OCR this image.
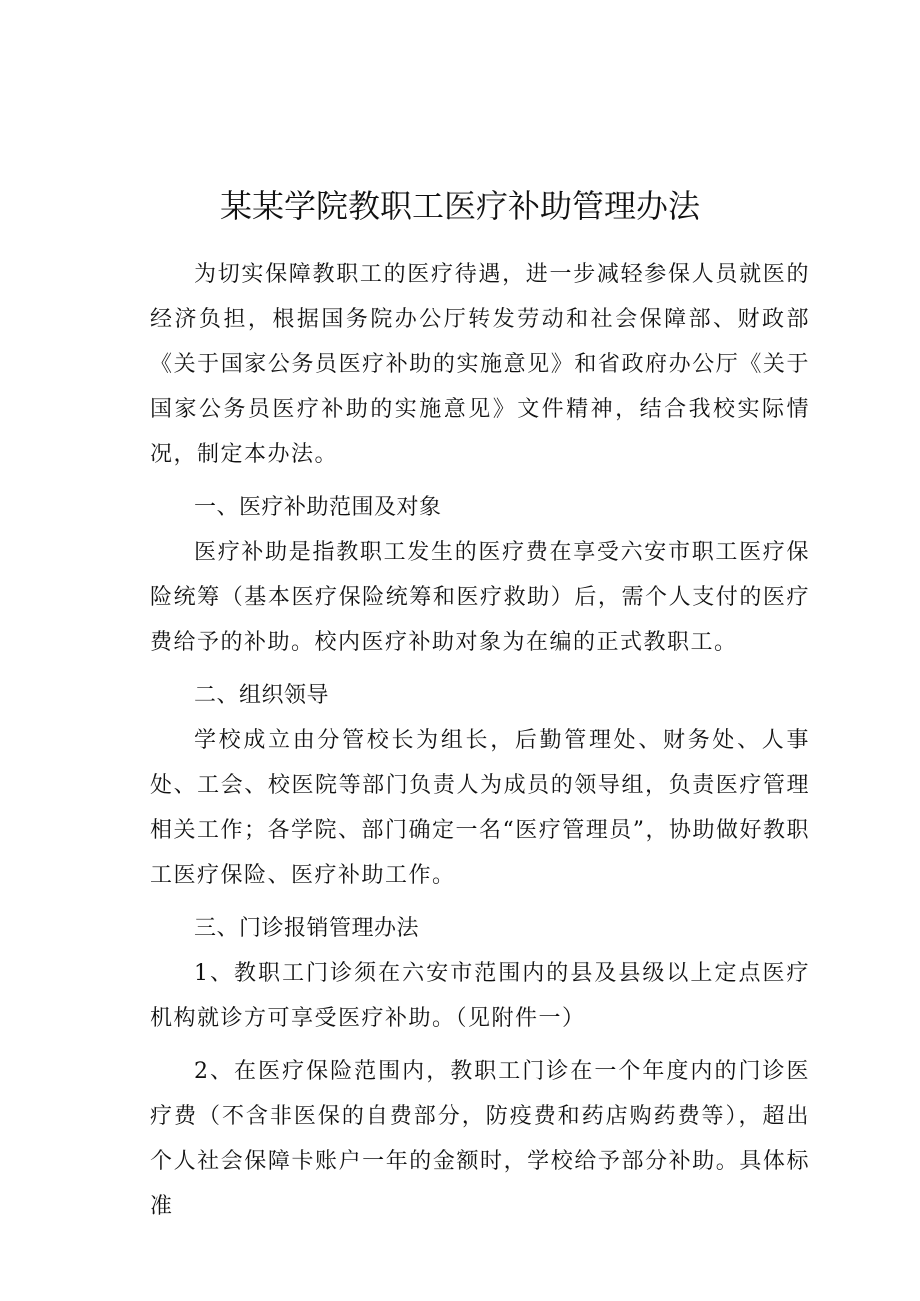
某某学院教职工医疗补助管理办法

为切实保障教职工的医疗待遇，进一步减轻参保人员就医的经济负担，根据国务院办公厅转发劳动和社会保障部、财政部《关于国家公务员医疗补助的实施意见》和省政府办公厅《关于国家公务员医疗补助的实施意见》文件精神，结合我校实际情况，制定本办法。

一、医疗补助范围及对象

医疗补助是指教职工发生的医疗费在享受六安市职工医疗保险统筹（基本医疗保险统筹和医疗救助）后，需个人支付的医疗费给予的补助。校内医疗补助对象为在编的正式教职工。

二、组织领导

学校成立由分管校长为组长，后勤管理处、财务处、人事处、工会、校医院等部门负责人为成员的领导组，负责医疗管理相关工作；各学院、部门确定一名“医疗管理员”，协助做好教职工医疗保险、医疗补助工作。

三、门诊报销管理办法

1、教职工门诊须在六安市范围内的县及县级以上定点医疗机构就诊方可享受医疗补助。（见附件一）

2、在医疗保险范围内，教职工门诊在一个年度内的门诊医疗费（不含非医保的自费部分，防疫费和药店购药费等），超出个人社会保障卡账户一年的金额时，学校给予部分补助。具体标准
